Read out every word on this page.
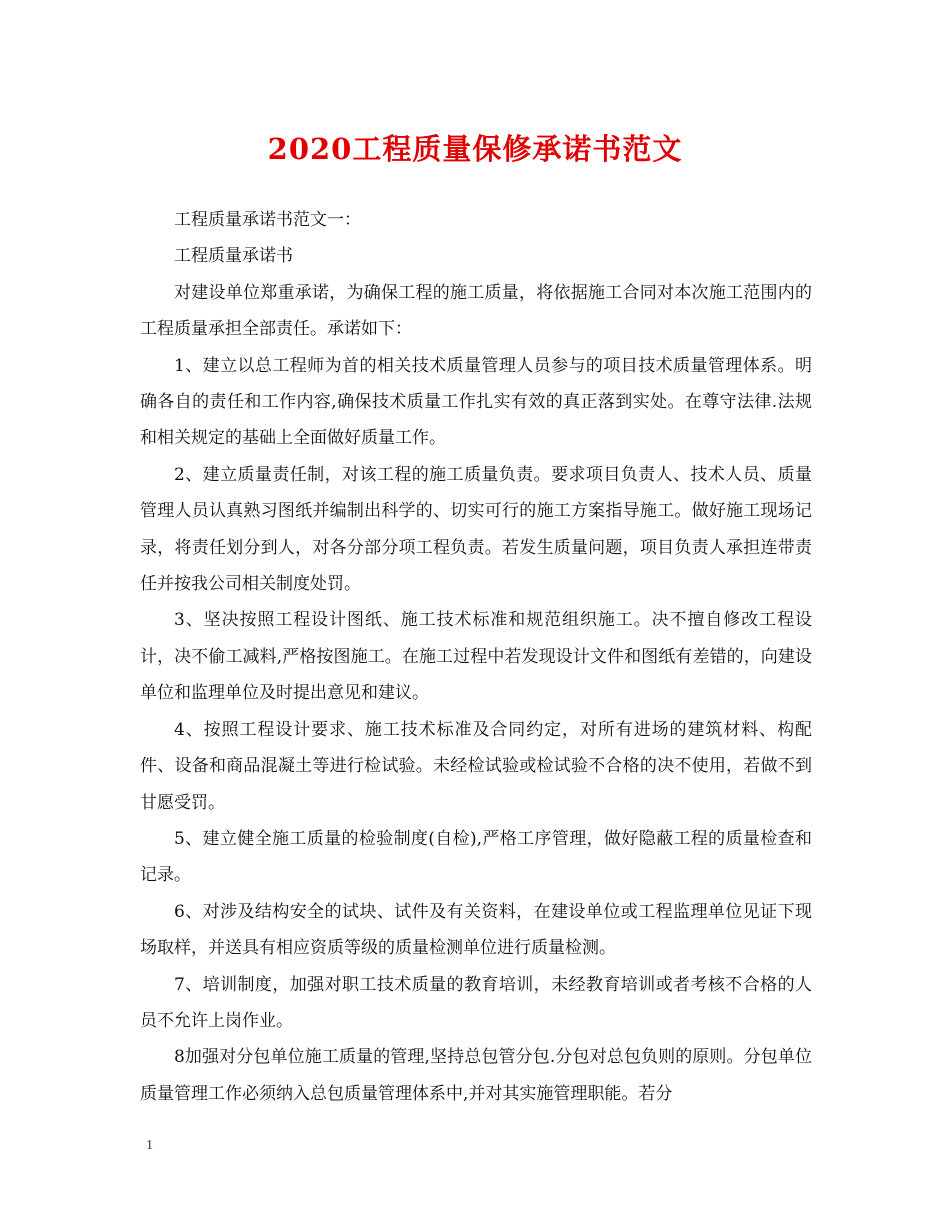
2020工程质量保修承诺书范文

工程质量承诺书范文一：

工程质量承诺书

对建设单位郑重承诺，为确保工程的施工质量，将依据施工合同对本次施工范围内的工程质量承担全部责任。承诺如下：

1、建立以总工程师为首的相关技术质量管理人员参与的项目技术质量管理体系。明确各自的责任和工作内容,确保技术质量工作扎实有效的真正落到实处。在尊守法律.法规和相关规定的基础上全面做好质量工作。

2、建立质量责任制，对该工程的施工质量负责。要求项目负责人、技术人员、质量管理人员认真熟习图纸并编制出科学的、切实可行的施工方案指导施工。做好施工现场记录，将责任划分到人，对各分部分项工程负责。若发生质量问题，项目负责人承担连带责任并按我公司相关制度处罚。

3、坚决按照工程设计图纸、施工技术标准和规范组织施工。决不擅自修改工程设计，决不偷工减料,严格按图施工。在施工过程中若发现设计文件和图纸有差错的，向建设单位和监理单位及时提出意见和建议。

4、按照工程设计要求、施工技术标准及合同约定，对所有进场的建筑材料、构配件、设备和商品混凝土等进行检试验。未经检试验或检试验不合格的决不使用，若做不到甘愿受罚。

5、建立健全施工质量的检验制度(自检),严格工序管理，做好隐蔽工程的质量检查和记录。

6、对涉及结构安全的试块、试件及有关资料，在建设单位或工程监理单位见证下现场取样，并送具有相应资质等级的质量检测单位进行质量检测。

7、培训制度，加强对职工技术质量的教育培训，未经教育培训或者考核不合格的人员不允许上岗作业。

8加强对分包单位施工质量的管理,坚持总包管分包.分包对总包负则的原则。分包单位质量管理工作必须纳入总包质量管理体系中,并对其实施管理职能。若分

1
